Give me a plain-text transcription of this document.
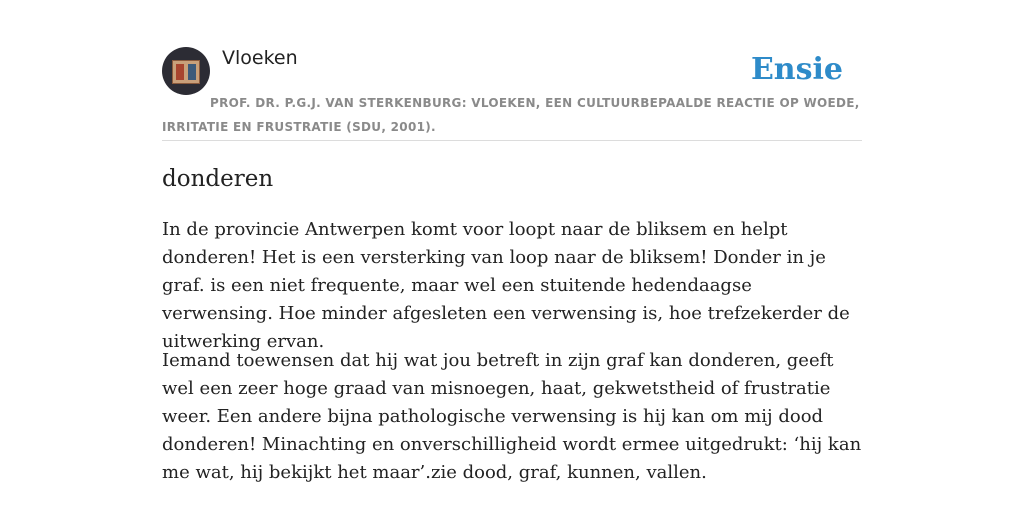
Vloeken	Ensie
PROF. DR. P.G.J. VAN STERKENBURG: VLOEKEN, EEN CULTUURBEPAALDE REACTIE OP WOEDE, IRRITATIE EN FRUSTRATIE (SDU, 2001).
donderen

In de provincie Antwerpen komt voor loopt naar de bliksem en helpt donderen! Het is een versterking van loop naar de bliksem! Donder in je graf. is een niet frequente, maar wel een stuitende hedendaagse verwensing. Hoe minder afgesleten een verwensing is, hoe trefzekerder de uitwerking ervan.

Iemand toewensen dat hij wat jou betreft in zijn graf kan donderen, geeft wel een zeer hoge graad van misnoegen, haat, gekwetstheid of frustratie weer. Een andere bijna pathologische verwensing is hij kan om mij dood donderen! Minachting en onverschilligheid wordt ermee uitgedrukt: ‘hij kan me wat, hij bekijkt het maar’.zie dood, graf, kunnen, vallen.
